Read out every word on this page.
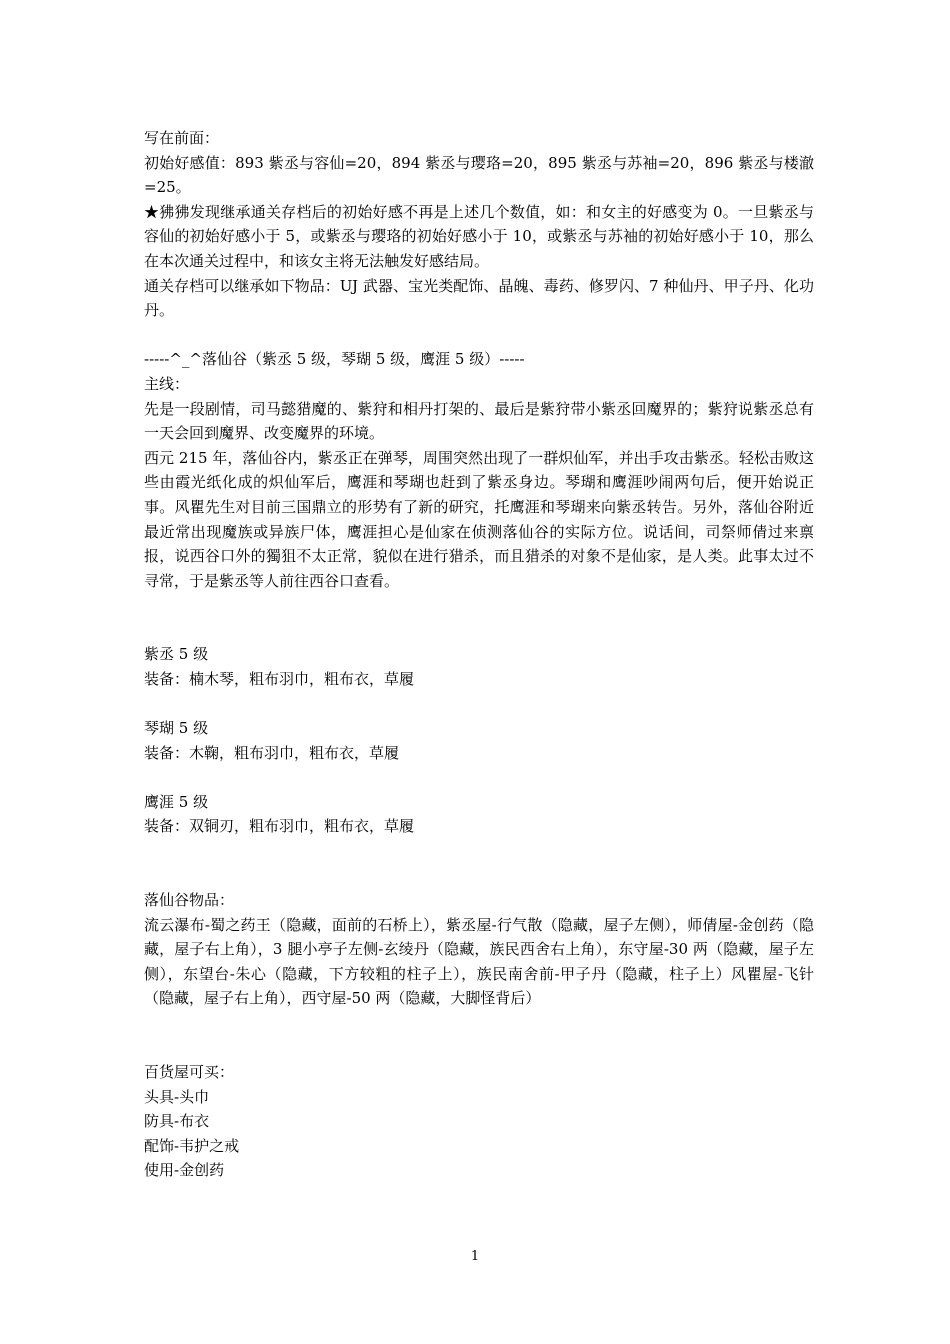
写在前面：

初始好感值：893 紫丞与容仙=20，894 紫丞与璎珞=20，895 紫丞与苏袖=20，896 紫丞与楼澈=25。

★狒狒发现继承通关存档后的初始好感不再是上述几个数值，如：和女主的好感变为 0。一旦紫丞与容仙的初始好感小于 5，或紫丞与璎珞的初始好感小于 10，或紫丞与苏袖的初始好感小于 10，那么在本次通关过程中，和该女主将无法触发好感结局。

通关存档可以继承如下物品：UJ 武器、宝光类配饰、晶魄、毒药、修罗闪、7 种仙丹、甲子丹、化功丹。

-----^_^落仙谷（紫丞 5 级，琴瑚 5 级，鹰涯 5 级）-----

主线：

先是一段剧情，司马懿猎魔的、紫狩和相丹打架的、最后是紫狩带小紫丞回魔界的；紫狩说紫丞总有一天会回到魔界、改变魔界的环境。

西元 215 年，落仙谷内，紫丞正在弹琴，周围突然出现了一群炽仙军，并出手攻击紫丞。轻松击败这些由霞光纸化成的炽仙军后，鹰涯和琴瑚也赶到了紫丞身边。琴瑚和鹰涯吵闹两句后，便开始说正事。风瞿先生对目前三国鼎立的形势有了新的研究，托鹰涯和琴瑚来向紫丞转告。另外，落仙谷附近最近常出现魔族或异族尸体，鹰涯担心是仙家在侦测落仙谷的实际方位。说话间，司祭师倩过来禀报，说西谷口外的獨狙不太正常，貌似在进行猎杀，而且猎杀的对象不是仙家，是人类。此事太过不寻常，于是紫丞等人前往西谷口查看。

紫丞 5 级

装备：楠木琴，粗布羽巾，粗布衣，草履

琴瑚 5 级

装备：木鞠，粗布羽巾，粗布衣，草履

鹰涯 5 级

装备：双铜刃，粗布羽巾，粗布衣，草履

落仙谷物品：

流云瀑布-蜀之药王（隐藏，面前的石桥上），紫丞屋-行气散（隐藏，屋子左侧），师倩屋-金创药（隐藏，屋子右上角），3 腿小亭子左侧-玄绫丹（隐藏，族民西舍右上角），东守屋-30 两（隐藏，屋子左侧），东望台-朱心（隐藏，下方较粗的柱子上），族民南舍前-甲子丹（隐藏，柱子上）风瞿屋-飞针（隐藏，屋子右上角），西守屋-50 两（隐藏，大脚怪背后）

百货屋可买：

头具-头巾

防具-布衣

配饰-韦护之戒

使用-金创药

1
